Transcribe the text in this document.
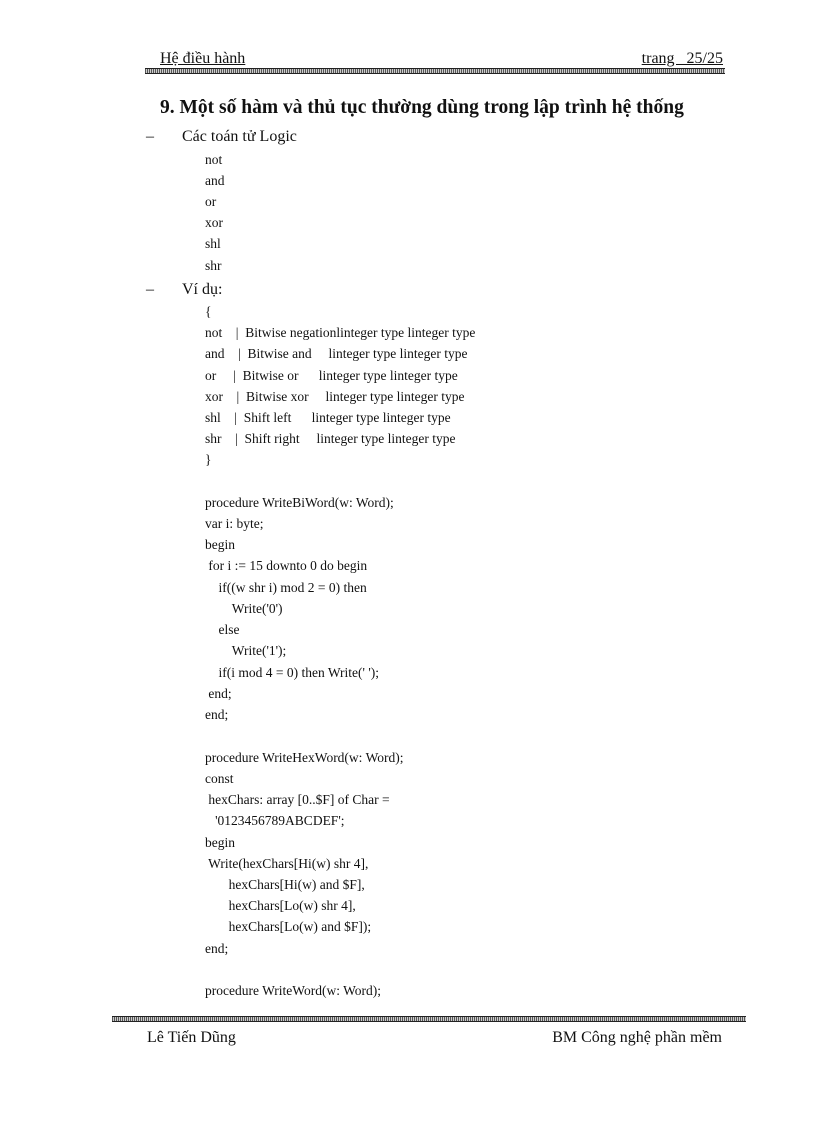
Hệ điều hành	trang   25/25
9. Một số hàm và thủ tục thường dùng trong lập trình hệ thống
– Các toán tử Logic
not
and
or
xor
shl
shr
– Ví dụ:
{
not    |  Bitwise negationlinteger type linteger type
and    |  Bitwise and     linteger type linteger type
or     |  Bitwise or      linteger type linteger type
xor    |  Bitwise xor     linteger type linteger type
shl    |  Shift left      linteger type linteger type
shr    |  Shift right     linteger type linteger type
}
procedure WriteBiWord(w: Word);
var i: byte;
begin
for i := 15 downto 0 do begin
if((w shr i) mod 2 = 0) then
Write('0')
else
Write('1');
if(i mod 4 = 0) then Write(' ');
end;
end;
procedure WriteHexWord(w: Word);
const
hexChars: array [0..$F] of Char =
'0123456789ABCDEF';
begin
Write(hexChars[Hi(w) shr 4],
hexChars[Hi(w) and $F],
hexChars[Lo(w) shr 4],
hexChars[Lo(w) and $F]);
end;
procedure WriteWord(w: Word);
Lê Tiến Dũng	BM Công nghệ phần mềm
